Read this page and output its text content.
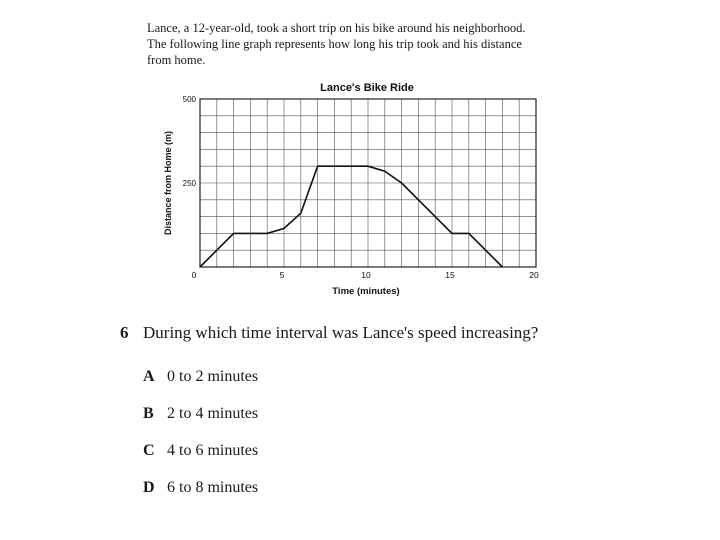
Lance, a 12-year-old, took a short trip on his bike around his neighborhood.

The following line graph represents how long his trip took and his distance

from home.

0	5	10	15	20
250
500
Lance's Bike Ride
Time (minutes)
Distance from Home (m)
6 During which time interval was Lance's speed increasing?
A 0 to 2 minutes
B 2 to 4 minutes
C 4 to 6 minutes
D 6 to 8 minutes
